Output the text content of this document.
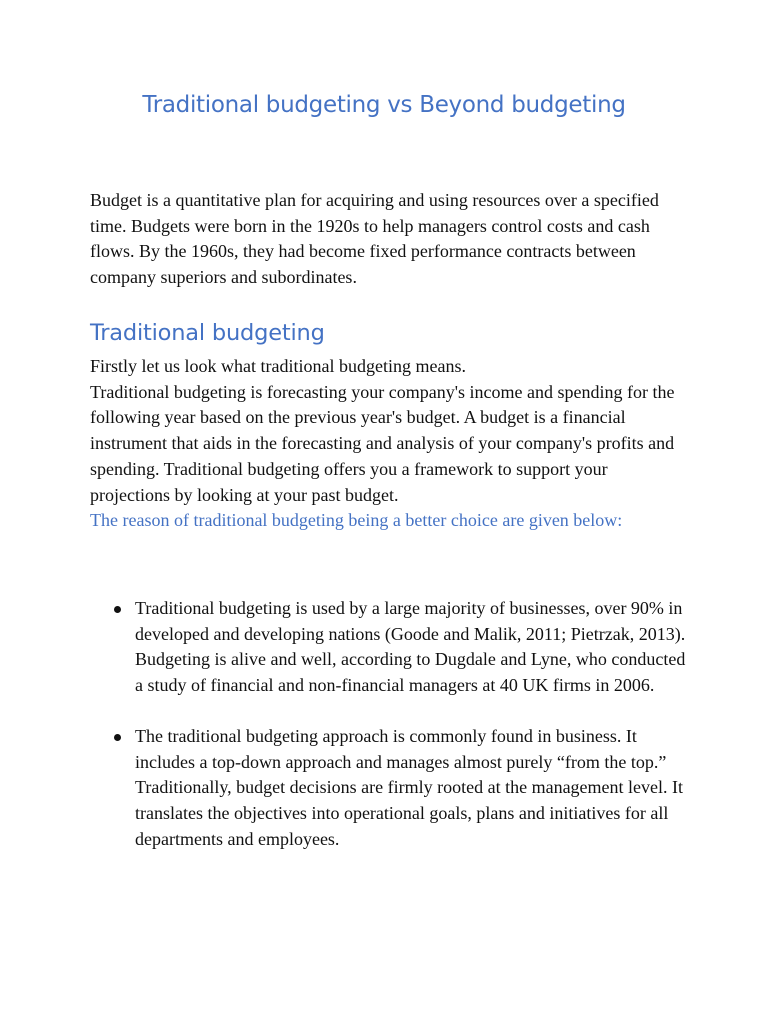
Traditional budgeting vs Beyond budgeting
Budget is a quantitative plan for acquiring and using resources over a specified time. Budgets were born in the 1920s to help managers control costs and cash flows. By the 1960s, they had become fixed performance contracts between company superiors and subordinates.
Traditional budgeting

Firstly let us look what traditional budgeting means.

Traditional budgeting is forecasting your company's income and spending for the following year based on the previous year's budget. A budget is a financial instrument that aids in the forecasting and analysis of your company's profits and spending. Traditional budgeting offers you a framework to support your projections by looking at your past budget.

The reason of traditional budgeting being a better choice are given below:

Traditional budgeting is used by a large majority of businesses, over 90% in developed and developing nations (Goode and Malik, 2011; Pietrzak, 2013). Budgeting is alive and well, according to Dugdale and Lyne, who conducted a study of financial and non-financial managers at 40 UK firms in 2006.
The traditional budgeting approach is commonly found in business. It includes a top-down approach and manages almost purely “from the top.” Traditionally, budget decisions are firmly rooted at the management level. It translates the objectives into operational goals, plans and initiatives for all departments and employees.
